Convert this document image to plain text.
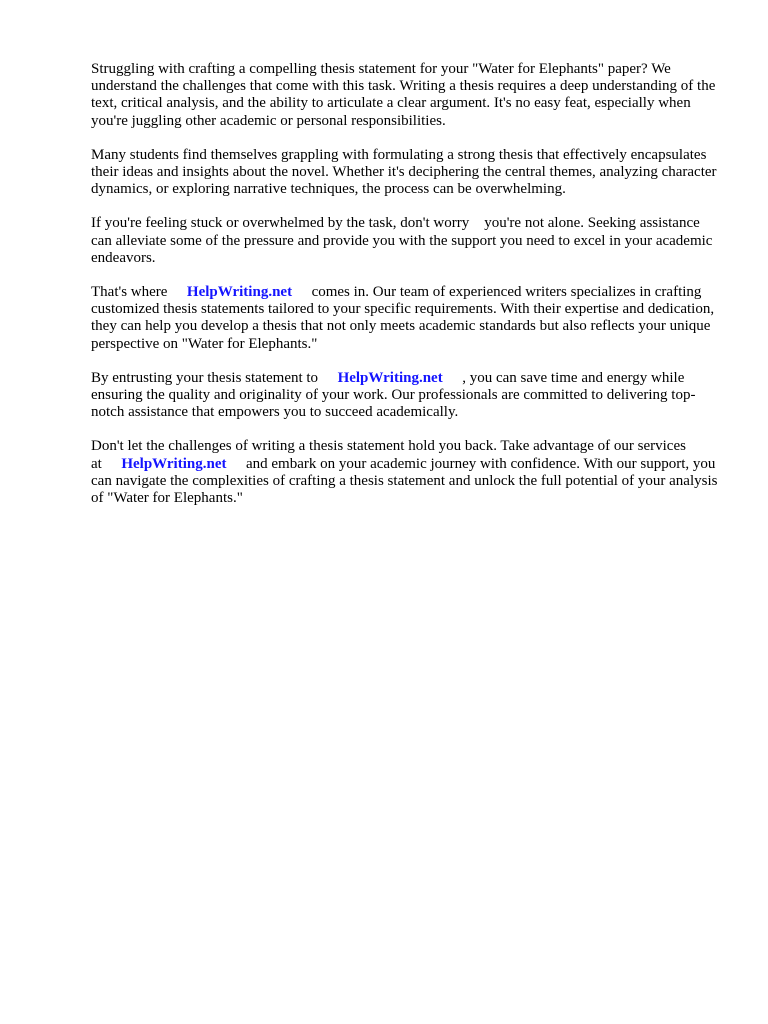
Struggling with crafting a compelling thesis statement for your "Water for Elephants" paper? We understand the challenges that come with this task. Writing a thesis requires a deep understanding of the text, critical analysis, and the ability to articulate a clear argument. It's no easy feat, especially when you're juggling other academic or personal responsibilities.

Many students find themselves grappling with formulating a strong thesis that effectively encapsulates their ideas and insights about the novel. Whether it's deciphering the central themes, analyzing character dynamics, or exploring narrative techniques, the process can be overwhelming.

If you're feeling stuck or overwhelmed by the task, don't worry    you're not alone. Seeking assistance can alleviate some of the pressure and provide you with the support you need to excel in your academic endeavors.

That's where HelpWriting.net comes in. Our team of experienced writers specializes in crafting customized thesis statements tailored to your specific requirements. With their expertise and dedication, they can help you develop a thesis that not only meets academic standards but also reflects your unique perspective on "Water for Elephants."

By entrusting your thesis statement to HelpWriting.net , you can save time and energy while ensuring the quality and originality of your work. Our professionals are committed to delivering top-notch assistance that empowers you to succeed academically.

Don't let the challenges of writing a thesis statement hold you back. Take advantage of our services at HelpWriting.net and embark on your academic journey with confidence. With our support, you can navigate the complexities of crafting a thesis statement and unlock the full potential of your analysis of "Water for Elephants."
